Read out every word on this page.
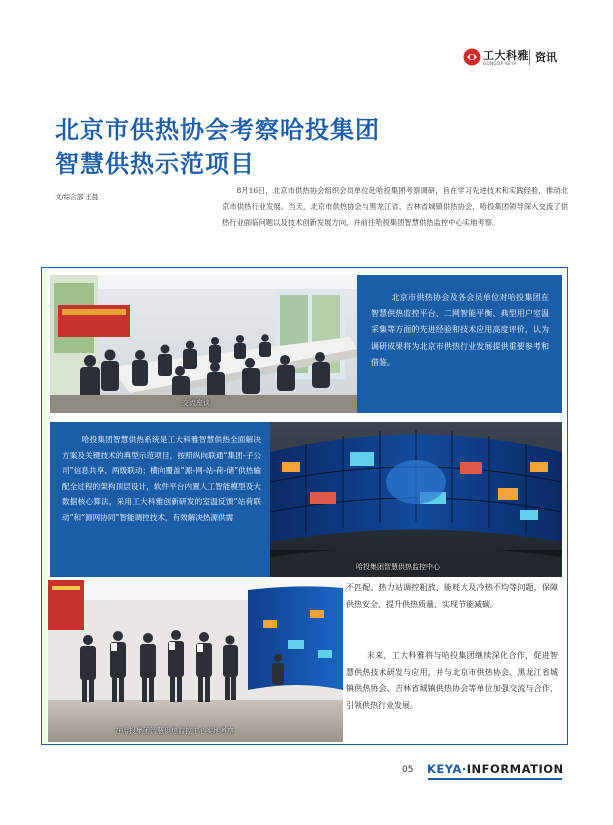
工大科雅
GONGDA KEYA 资讯
北京市供热协会考察哈投集团
智慧供热示范项目
文/综合部 王晨
8月16日，北京市供热协会组织会员单位赴哈投集团考察调研，旨在学习先进技术和实践经验，推动北京市供热行业发展。当天，北京市供热协会与黑龙江省、吉林省城镇供热协会，哈投集团领导深入交流了供热行业面临问题以及技术创新发展方向，并前往哈投集团智慧供热监控中心实地考察。
交流座谈

北京市供热协会及各会员单位对哈投集团在智慧供热监控平台、二网智能平衡、典型用户室温采集等方面的先进经验和技术应用高度评价，认为调研成果将为北京市供热行业发展提供重要参考和借鉴。

哈投集团智慧供热系统是工大科雅智慧供热全面解决方案及关键技术的典型示范项目，按照纵向联通“集团-子公司”信息共享、两级联动；横向覆盖“源-网-站-荷-储”供热输配全过程的架构顶层设计，软件平台内置人工智能模型及大数据核心算法，采用工大科雅创新研发的室温反馈“站荷联动”和“源网协同”智能调控技术，有效解决热源供需

哈投集团智慧供热监控中心
在哈投集团智慧供热监控中心实地考察
不匹配、热力站调控粗放、能耗大及冷热不均等问题，保障供热安全、提升供热质量、实现节能减碳。
未来，工大科雅将与哈投集团继续深化合作，促进智慧供热技术研发与应用，并与北京市供热协会、黑龙江省城镇供热协会、吉林省城镇供热协会等单位加强交流与合作，引领供热行业发展。
05 KEYA·INFORMATION
